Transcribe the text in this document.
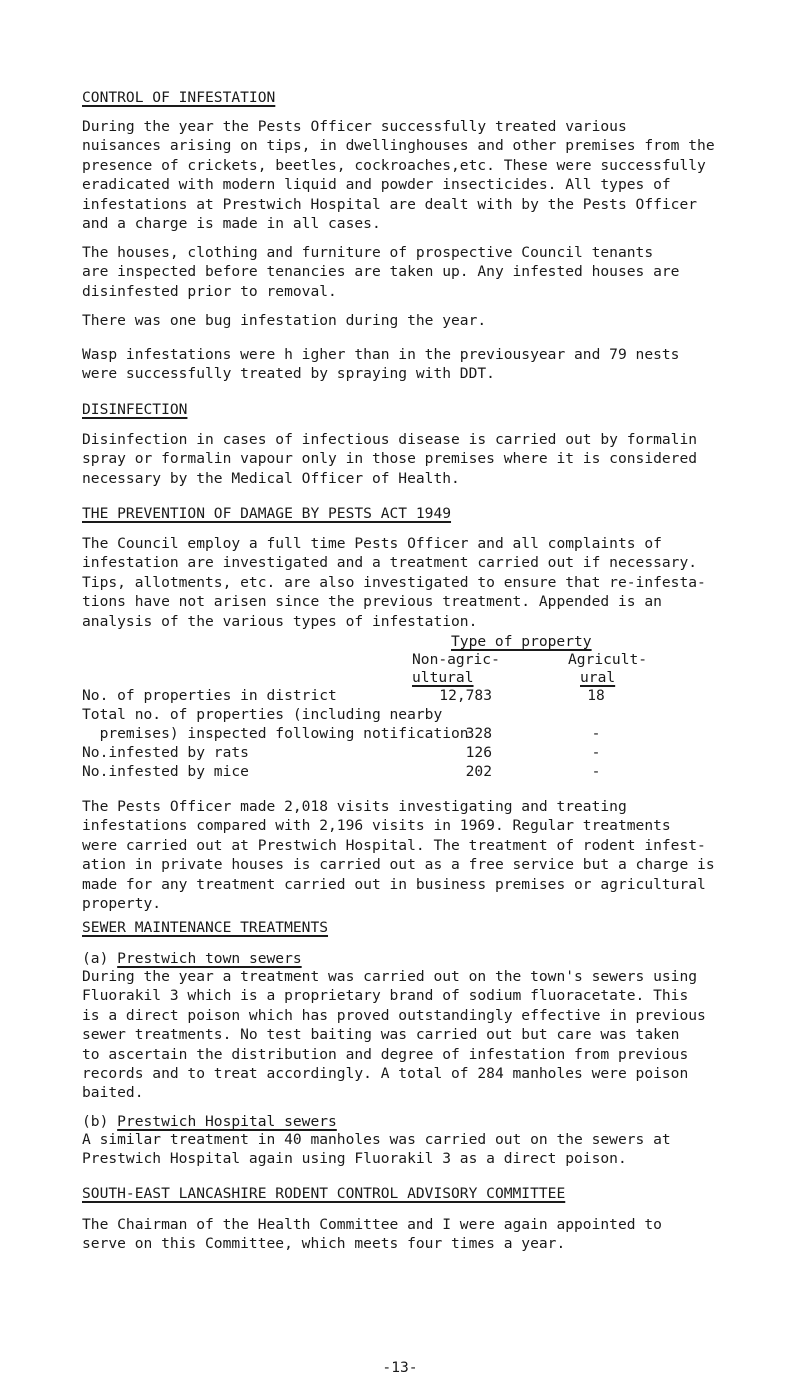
CONTROL OF INFESTATION

During the year the Pests Officer successfully treated various
nuisances arising on tips, in dwellinghouses and other premises from the
presence of crickets, beetles, cockroaches,etc. These were successfully
eradicated with modern liquid and powder insecticides. All types of
infestations at Prestwich Hospital are dealt with by the Pests Officer
and a charge is made in all cases.

The houses, clothing and furniture of prospective Council tenants
are inspected before tenancies are taken up. Any infested houses are
disinfested prior to removal.

There was one bug infestation during the year.

Wasp infestations were h igher than in the previousyear and 79 nests
were successfully treated by spraying with DDT.

DISINFECTION

Disinfection in cases of infectious disease is carried out by formalin
spray or formalin vapour only in those premises where it is considered
necessary by the Medical Officer of Health.

THE PREVENTION OF DAMAGE BY PESTS ACT 1949

The Council employ a full time Pests Officer and all complaints of
infestation are investigated and a treatment carried out if necessary.
Tips, allotments, etc. are also investigated to ensure that re-infesta-
tions have not arisen since the previous treatment. Appended is an
analysis of the various types of infestation.

Type of property
Non-agric-	Agricult-
ultural	ural
No. of properties in district	12,783	18
Total no. of properties (including nearby
premises) inspected following notification
328	-
No.infested by rats	126	-
No.infested by mice	202	-

The Pests Officer made 2,018 visits investigating and treating
infestations compared with 2,196 visits in 1969. Regular treatments
were carried out at Prestwich Hospital. The treatment of rodent infest-
ation in private houses is carried out as a free service but a charge is
made for any treatment carried out in business premises or agricultural
property.

SEWER MAINTENANCE TREATMENTS

(a) Prestwich town sewers

During the year a treatment was carried out on the town's sewers using
Fluorakil 3 which is a proprietary brand of sodium fluoracetate. This
is a direct poison which has proved outstandingly effective in previous
sewer treatments. No test baiting was carried out but care was taken
to ascertain the distribution and degree of infestation from previous
records and to treat accordingly. A total of 284 manholes were poison
baited.

(b) Prestwich Hospital sewers

A similar treatment in 40 manholes was carried out on the sewers at
Prestwich Hospital again using Fluorakil 3 as a direct poison.

SOUTH-EAST LANCASHIRE RODENT CONTROL ADVISORY COMMITTEE

The Chairman of the Health Committee and I were again appointed to
serve on this Committee, which meets four times a year.

-13-
